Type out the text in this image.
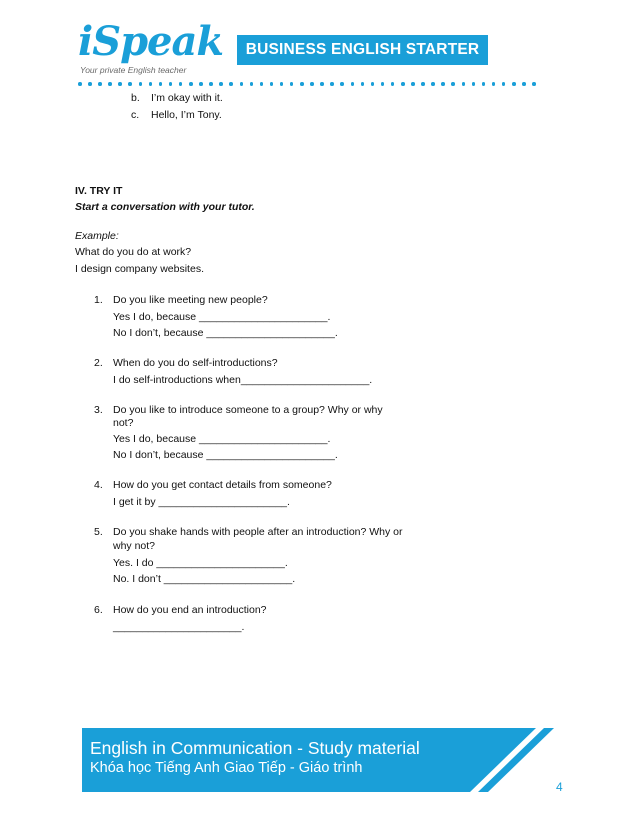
iSpeak
Your private English teacher
BUSINESS ENGLISH STARTER
b. I’m okay with it.
c. Hello, I’m Tony.
IV. TRY IT
Start a conversation with your tutor.
Example:
What do you do at work?
I design company websites.
1. Do you like meeting new people?
Yes I do, because ______________________.
No I don’t, because ______________________.
2. When do you do self-introductions?
I do self-introductions when______________________.
3. Do you like to introduce someone to a group? Why or why
not?
Yes I do, because ______________________.
No I don’t, because ______________________.
4. How do you get contact details from someone?
I get it by ______________________.
5. Do you shake hands with people after an introduction? Why or
why not?
Yes. I do ______________________.
No. I don’t ______________________.
6. How do you end an introduction?
______________________.
English in Communication - Study material
Khóa học Tiếng Anh Giao Tiếp - Giáo trình
4
